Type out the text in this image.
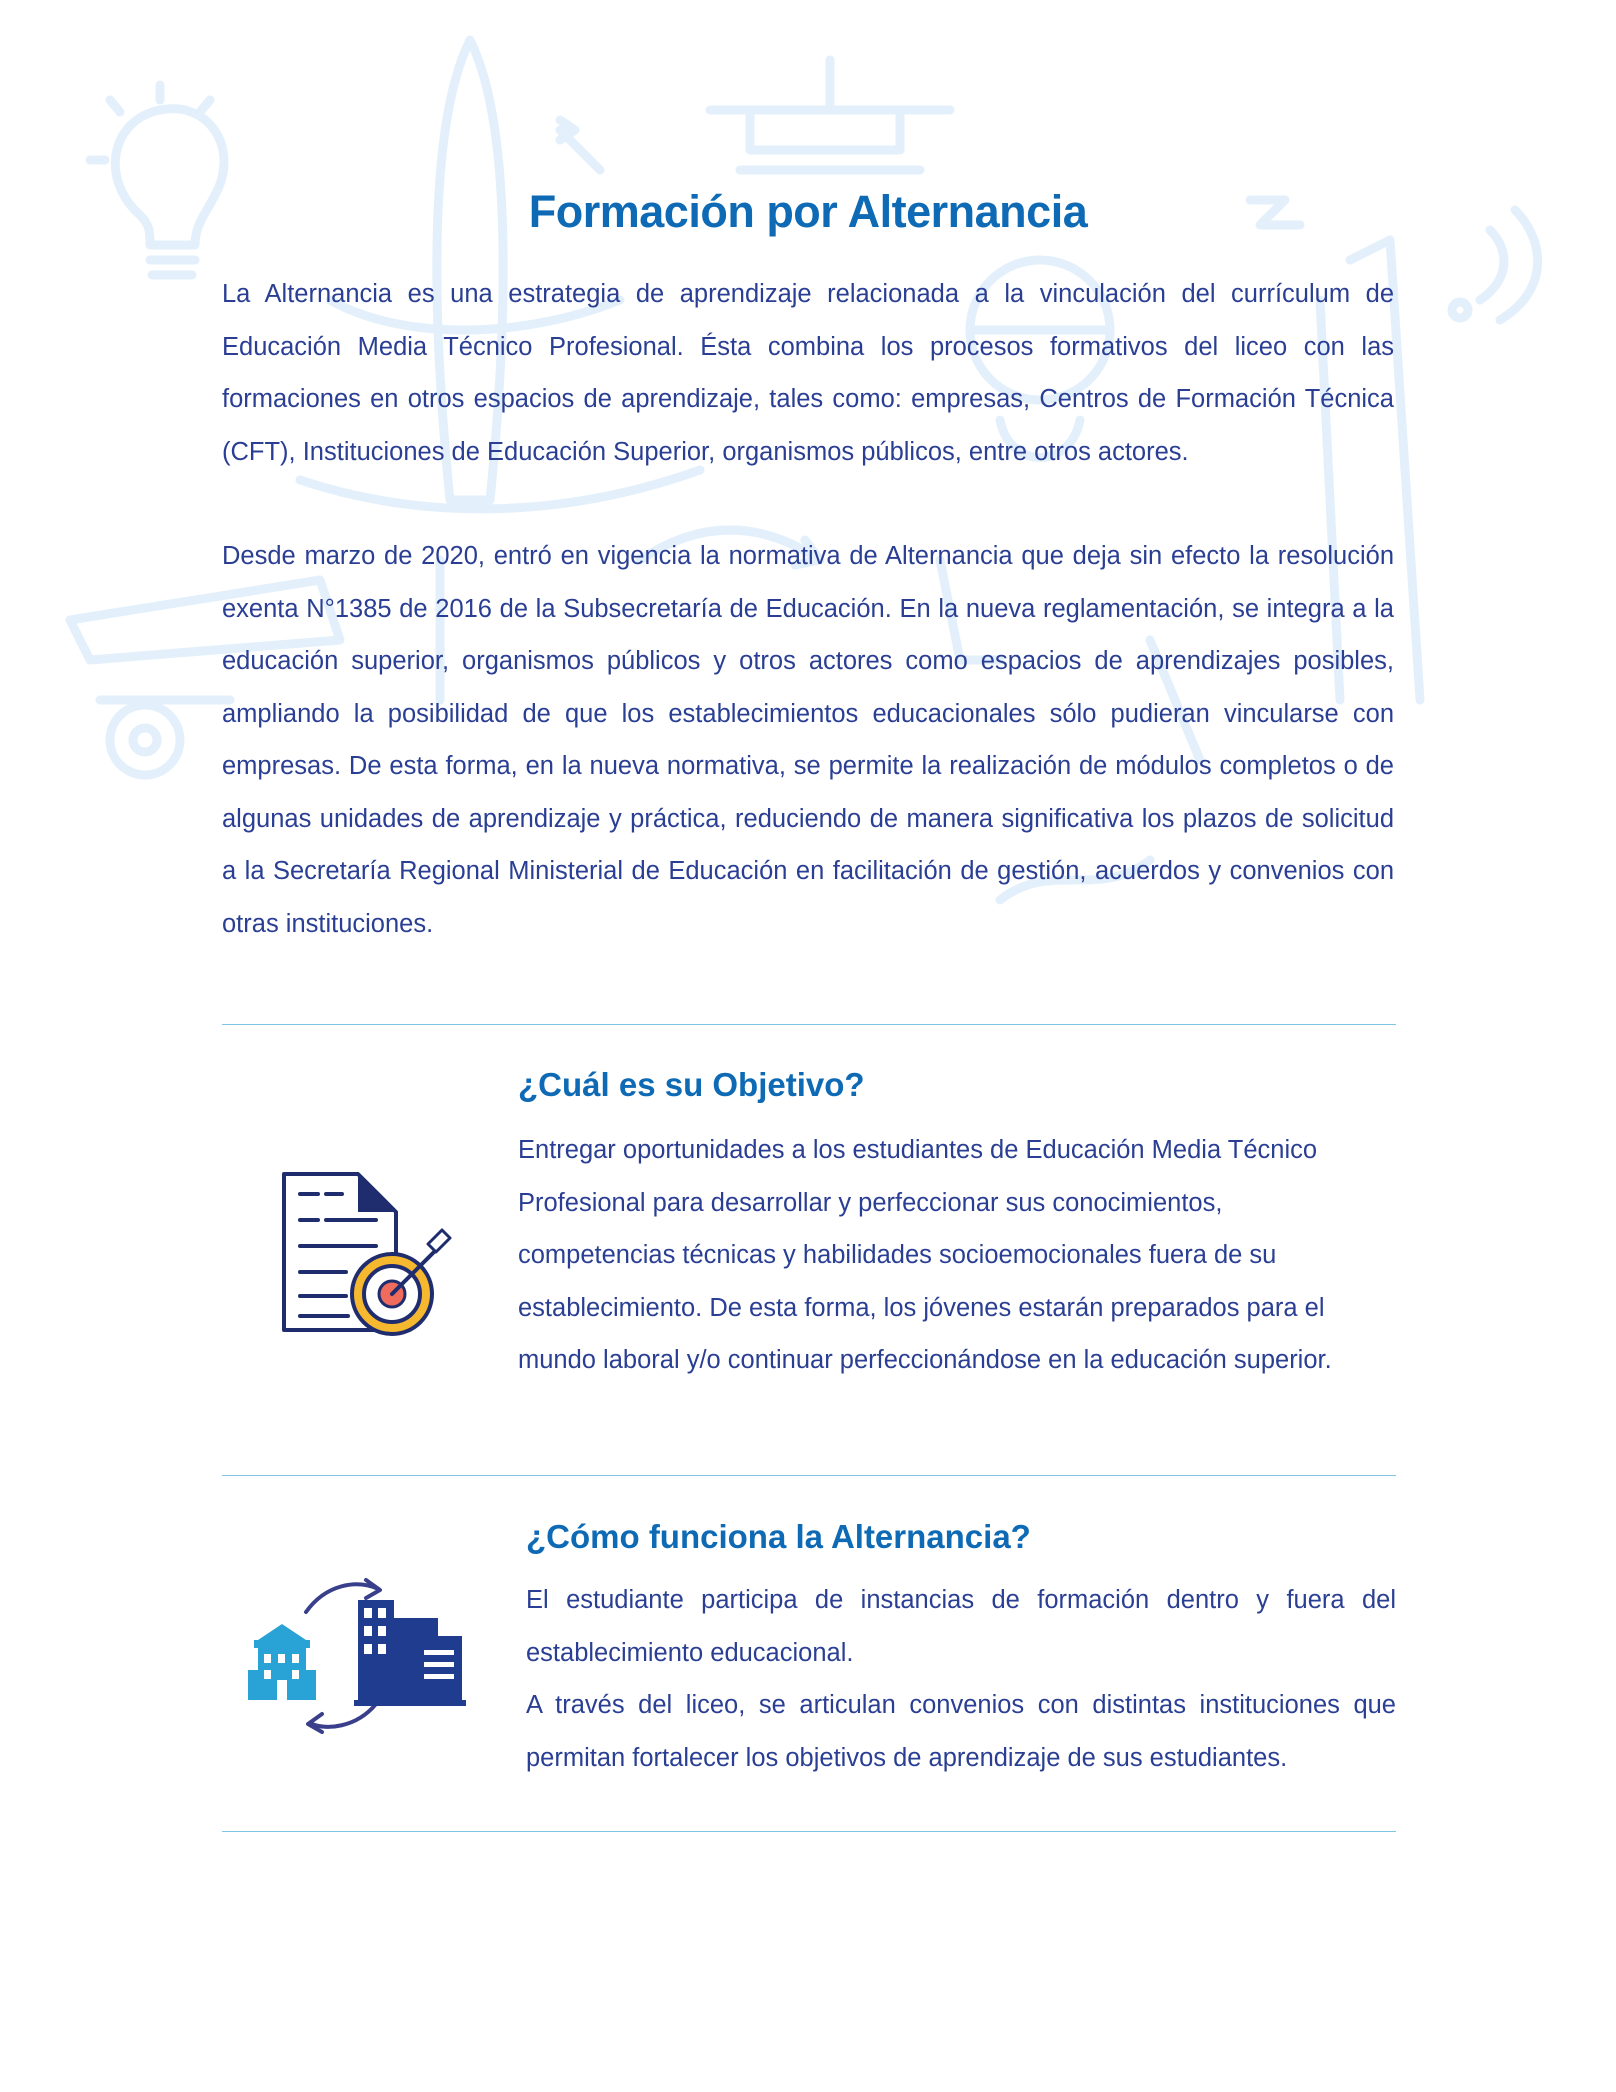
Formación por Alternancia

La Alternancia es una estrategia de aprendizaje relacionada a la vinculación del currículum de Educación Media Técnico Profesional. Ésta combina los procesos formativos del liceo con las formaciones en otros espacios de aprendizaje, tales como: empresas, Centros de Formación Técnica (CFT), Instituciones de Educación Superior, organismos públicos, entre otros actores.

Desde marzo de 2020, entró en vigencia la normativa de Alternancia que deja sin efecto la resolución exenta N°1385 de 2016 de la Subsecretaría de Educación. En la nueva reglamentación, se integra a la educación superior, organismos públicos y otros actores como espacios de aprendizajes posibles, ampliando la posibilidad de que los establecimientos educacionales sólo pudieran vincularse con empresas. De esta forma, en la nueva normativa, se permite la realización de módulos completos o de algunas unidades de aprendizaje y práctica, reduciendo de manera significativa los plazos de solicitud a la Secretaría Regional Ministerial de Educación en facilitación de gestión, acuerdos y convenios con otras instituciones.

¿Cuál es su Objetivo?

Entregar oportunidades a los estudiantes de Educación Media Técnico Profesional para desarrollar y perfeccionar sus conocimientos, competencias técnicas y habilidades socioemocionales fuera de su establecimiento. De esta forma, los jóvenes estarán preparados para el mundo laboral y/o continuar perfeccionándose en la educación superior.

¿Cómo funciona la Alternancia?

El estudiante participa de instancias de formación dentro y fuera del establecimiento educacional.

A través del liceo, se articulan convenios con distintas instituciones que permitan fortalecer los objetivos de aprendizaje de sus estudiantes.
